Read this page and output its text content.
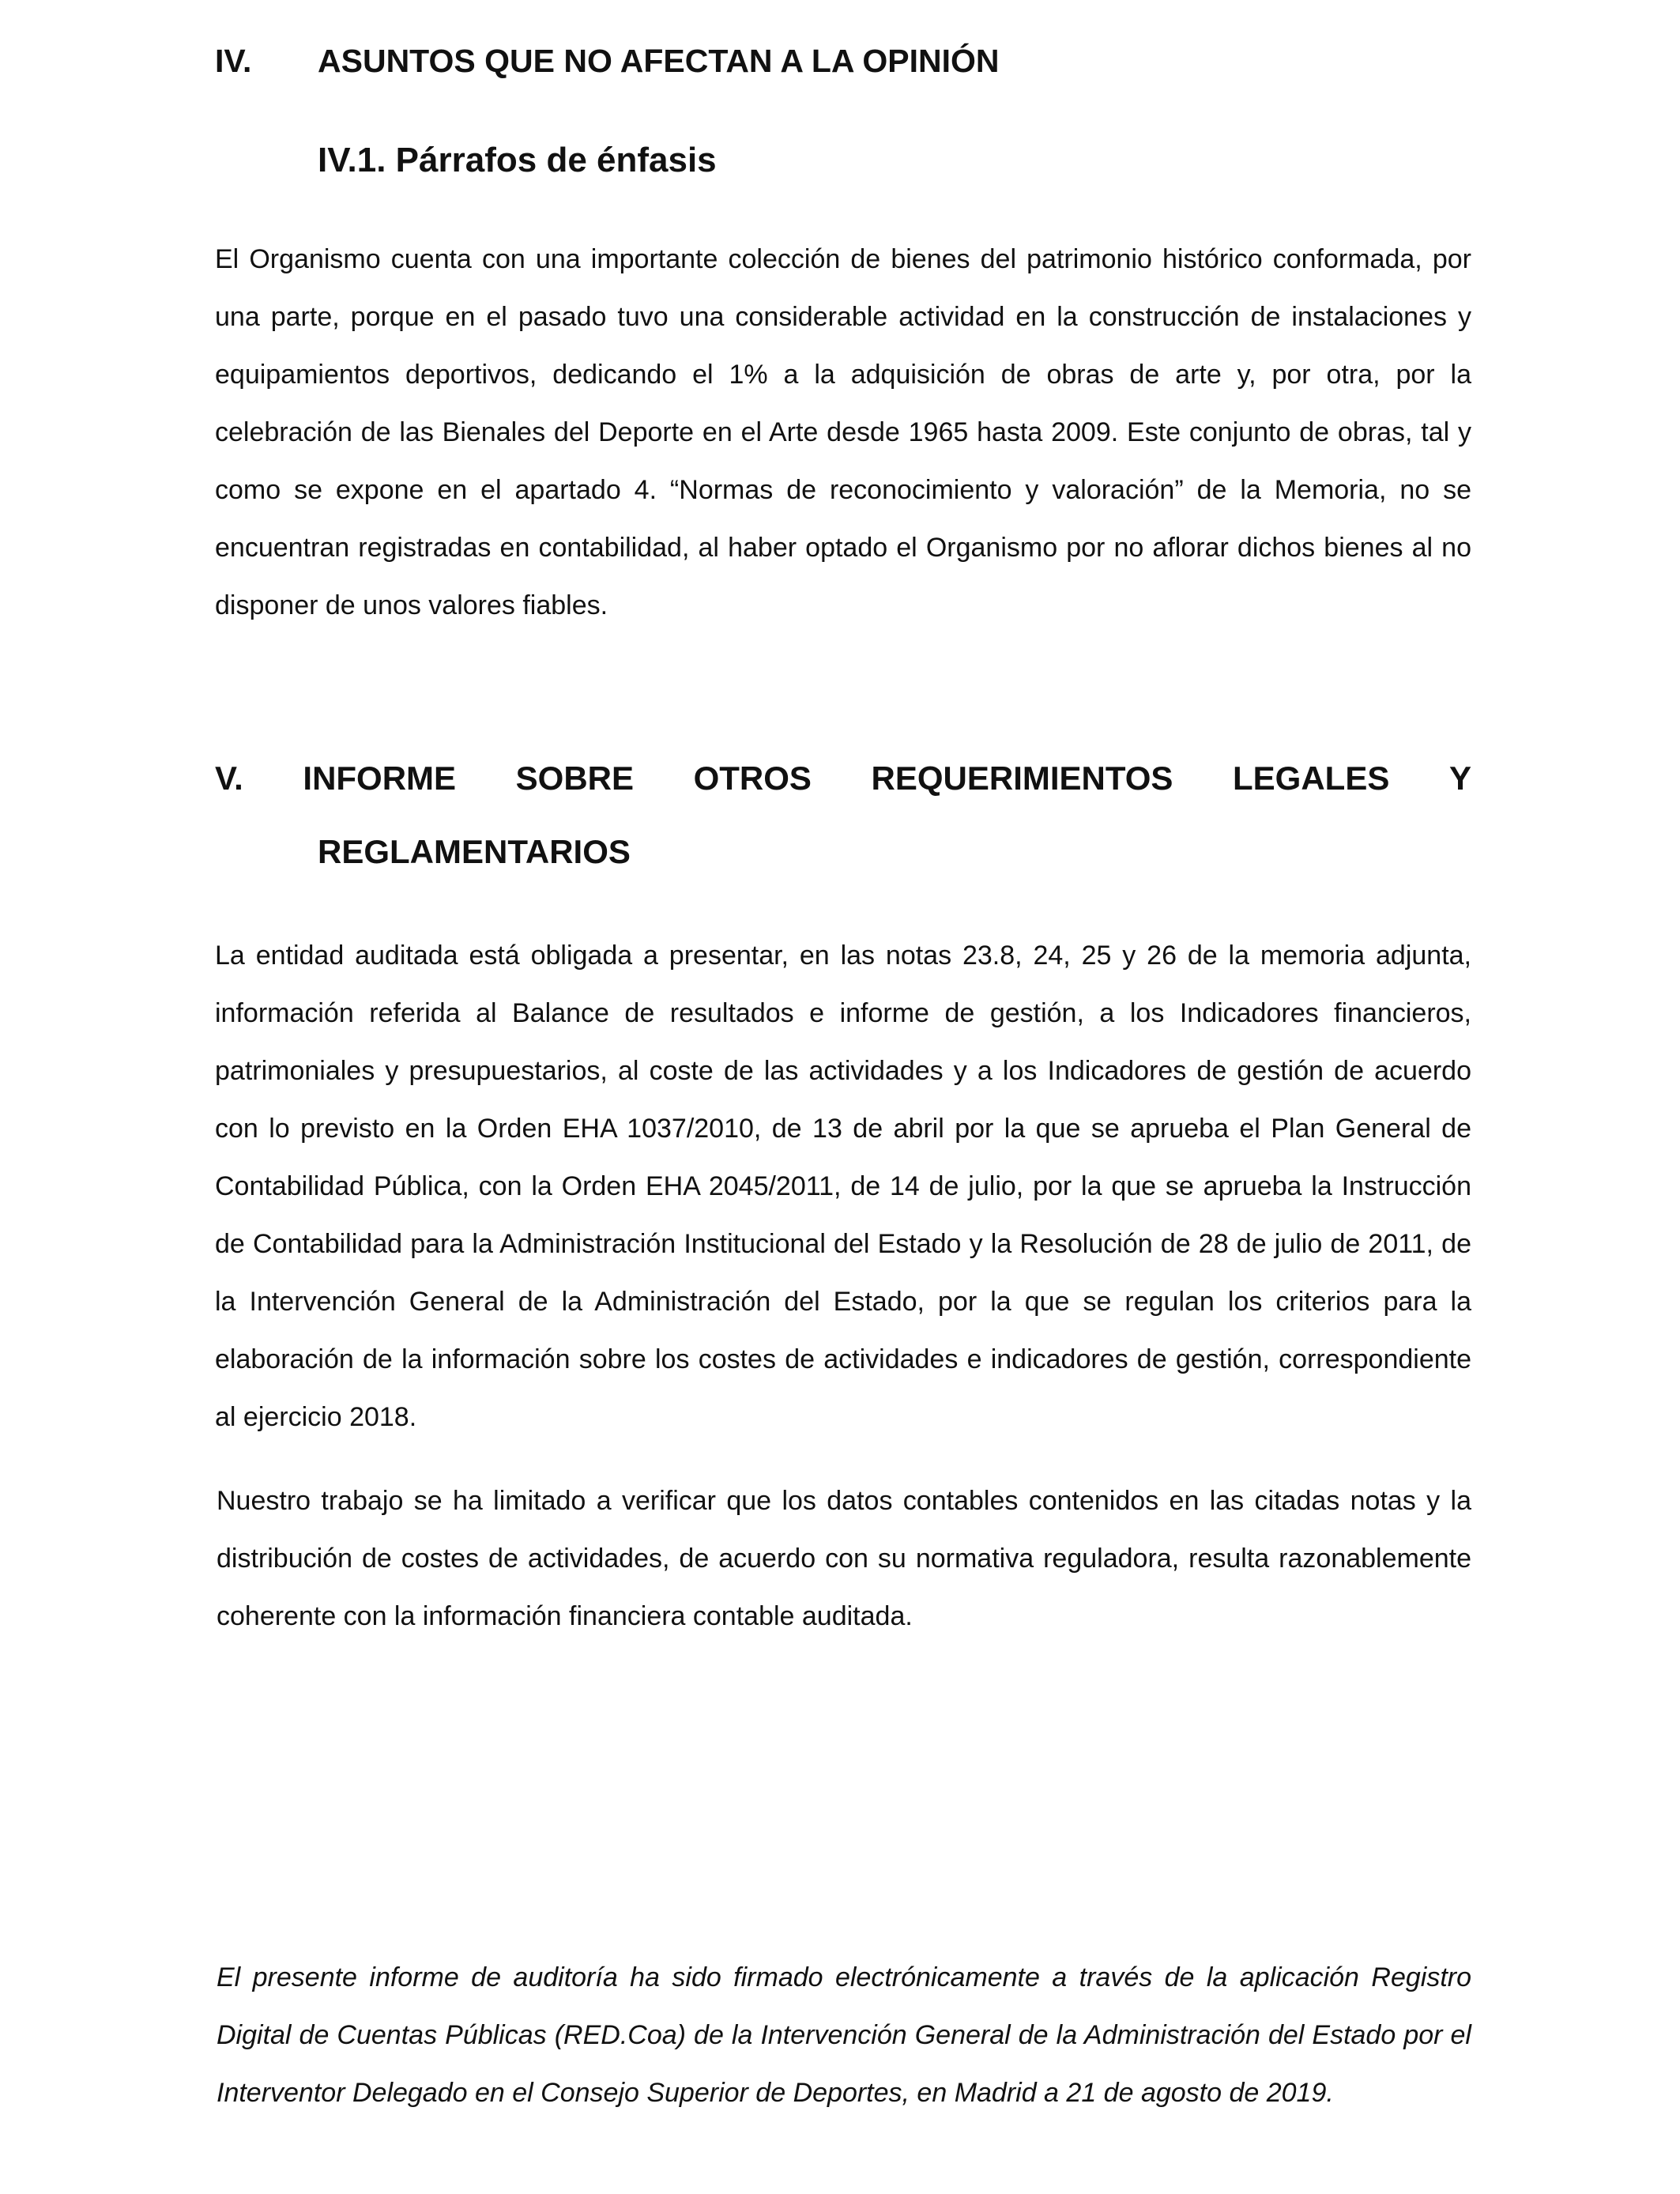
IV. ASUNTOS QUE NO AFECTAN A LA OPINIÓN
IV.1. Párrafos de énfasis

El Organismo cuenta con una importante colección de bienes del patrimonio histórico conformada, por una parte, porque en el pasado tuvo una considerable actividad en la construcción de instalaciones y equipamientos deportivos, dedicando el 1% a la adquisición de obras de arte y, por otra, por la celebración de las Bienales del Deporte en el Arte desde 1965 hasta 2009. Este conjunto de obras, tal y como se expone en el apartado 4. “Normas de reconocimiento y valoración” de la Memoria, no se encuentran registradas en contabilidad, al haber optado el Organismo por no aflorar dichos bienes al no disponer de unos valores fiables.

V. INFORME SOBRE OTROS REQUERIMIENTOS LEGALES Y
REGLAMENTARIOS

La entidad auditada está obligada a presentar, en las notas 23.8, 24, 25 y 26 de la memoria adjunta, información referida al Balance de resultados e informe de gestión, a los Indicadores financieros, patrimoniales y presupuestarios, al coste de las actividades y a los Indicadores de gestión de acuerdo con lo previsto en la Orden EHA 1037/2010, de 13 de abril por la que se aprueba el Plan General de Contabilidad Pública, con la Orden EHA 2045/2011, de 14 de julio, por la que se aprueba la Instrucción de Contabilidad para la Administración Institucional del Estado y la Resolución de 28 de julio de 2011, de la Intervención General de la Administración del Estado, por la que se regulan los criterios para la elaboración de la información sobre los costes de actividades e indicadores de gestión, correspondiente al ejercicio 2018.

Nuestro trabajo se ha limitado a verificar que los datos contables contenidos en las citadas notas y la distribución de costes de actividades, de acuerdo con su normativa reguladora, resulta razonablemente coherente con la información financiera contable auditada.

El presente informe de auditoría ha sido firmado electrónicamente a través de la aplicación Registro Digital de Cuentas Públicas (RED.Coa) de la Intervención General de la Administración del Estado por el Interventor Delegado en el Consejo Superior de Deportes, en Madrid a 21 de agosto de 2019.
